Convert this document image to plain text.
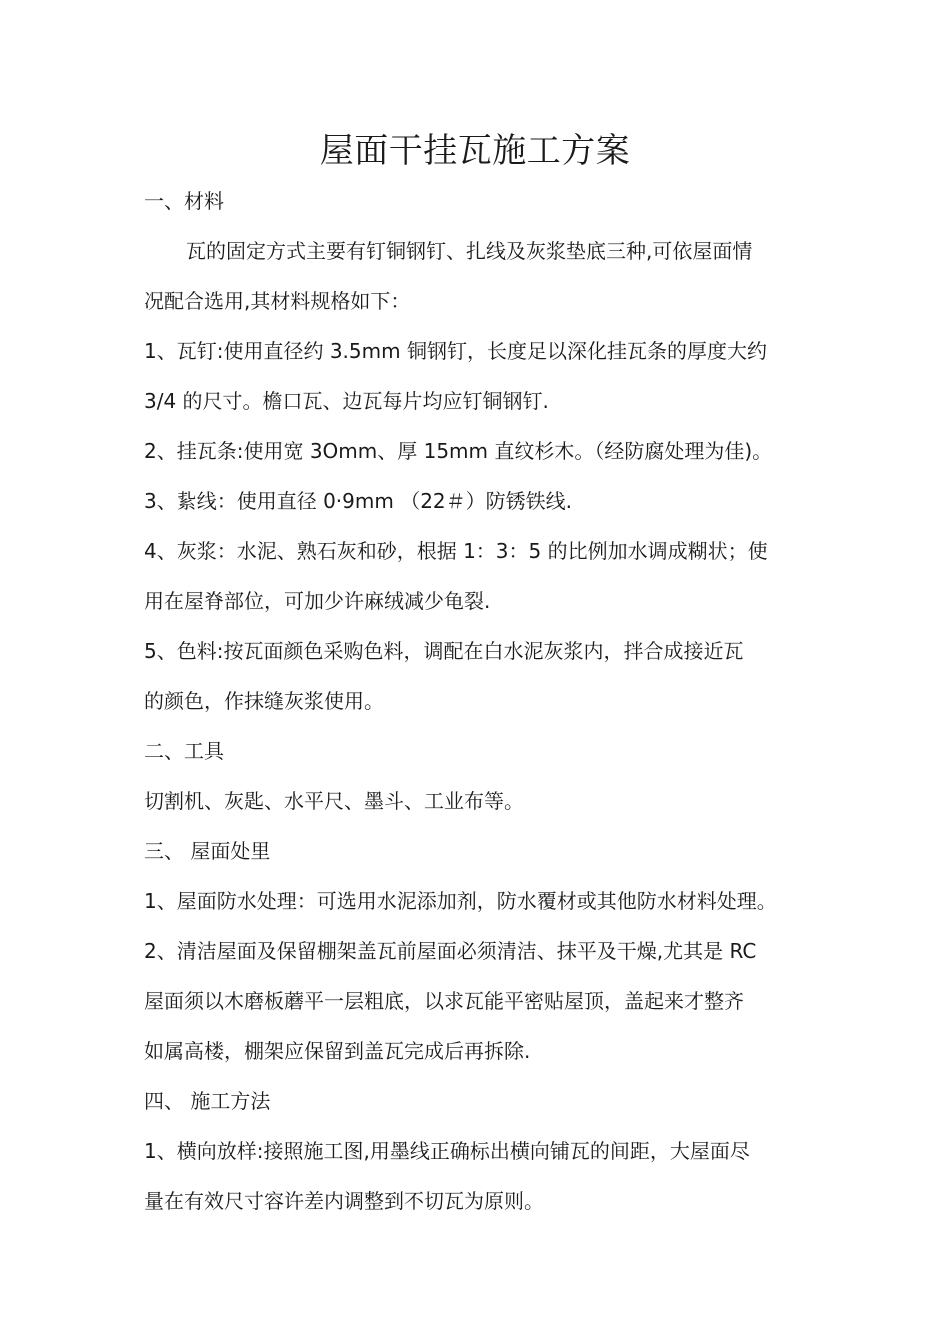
屋面干挂瓦施工方案

一、材料

瓦的固定方式主要有钉铜钢钉、扎线及灰浆垫底三种,可依屋面情

况配合选用,其材料规格如下：

1、瓦钉:使用直径约 3.5mm 铜钢钉，长度足以深化挂瓦条的厚度大约

3/4 的尺寸。檐口瓦、边瓦每片均应钉铜钢钉.

2、挂瓦条:使用宽 3Omm、厚 15mm 直纹杉木。（经防腐处理为佳)。

3、紥线：使用直径 0·9mm （22＃）防锈铁线.

4、灰浆：水泥、熟石灰和砂，根据 1：3：5 的比例加水调成糊状；使

用在屋脊部位，可加少许麻绒减少龟裂.

5、色料:按瓦面颜色采购色料，调配在白水泥灰浆内，拌合成接近瓦

的颜色，作抹缝灰浆使用。

二、工具

切割机、灰匙、水平尺、墨斗、工业布等。

三、 屋面处里

1、屋面防水处理：可选用水泥添加剂，防水覆材或其他防水材料处理。

2、清洁屋面及保留棚架盖瓦前屋面必须清洁、抹平及干燥,尤其是 RC

屋面须以木磨板蘑平一层粗底，以求瓦能平密贴屋顶，盖起来才整齐

如属高楼，棚架应保留到盖瓦完成后再拆除.

四、 施工方法

1、横向放样:接照施工图,用墨线正确标出横向铺瓦的间距，大屋面尽

量在有效尺寸容许差内调整到不切瓦为原则。
